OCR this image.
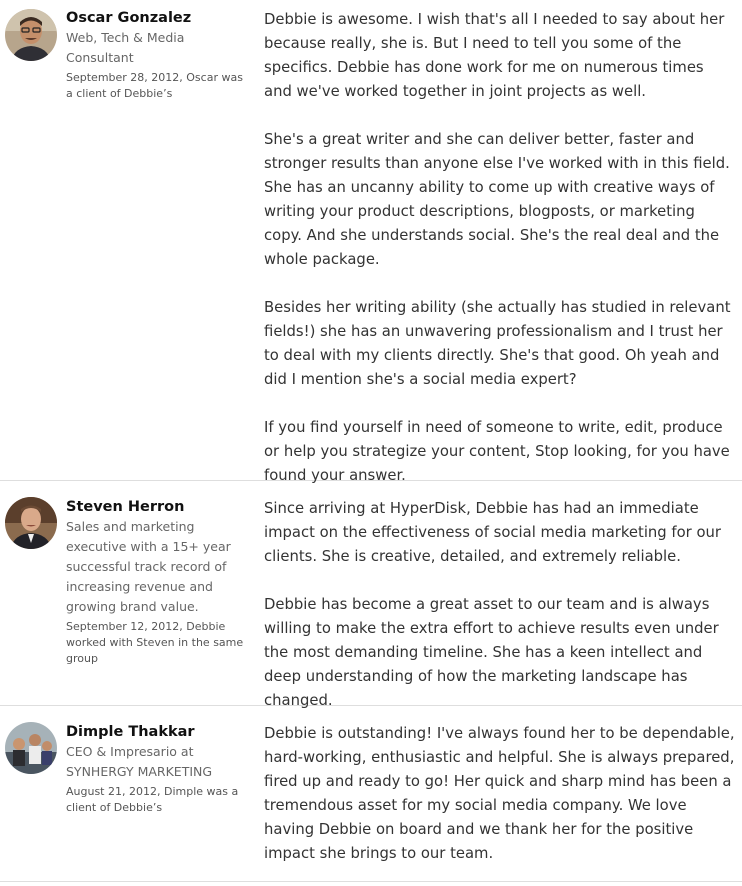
Oscar Gonzalez

Web, Tech & Media Consultant

September 28, 2012, Oscar was a client of Debbie’s

Debbie is awesome. I wish that's all I needed to say about her because really, she is. But I need to tell you some of the specifics. Debbie has done work for me on numerous times and we've worked together in joint projects as well.

She's a great writer and she can deliver better, faster and stronger results than anyone else I've worked with in this field. She has an uncanny ability to come up with creative ways of writing your product descriptions, blogposts, or marketing copy. And she understands social. She's the real deal and the whole package.

Besides her writing ability (she actually has studied in relevant fields!) she has an unwavering professionalism and I trust her to deal with my clients directly. She's that good. Oh yeah and did I mention she's a social media expert?

If you find yourself in need of someone to write, edit, produce or help you strategize your content, Stop looking, for you have found your answer.

Steven Herron

Sales and marketing executive with a 15+ year successful track record of increasing revenue and growing brand value.

September 12, 2012, Debbie worked with Steven in the same group

Since arriving at HyperDisk, Debbie has had an immediate impact on the effectiveness of social media marketing for our clients. She is creative, detailed, and extremely reliable.

Debbie has become a great asset to our team and is always willing to make the extra effort to achieve results even under the most demanding timeline. She has a keen intellect and deep understanding of how the marketing landscape has changed.

Dimple Thakkar

CEO & Impresario at SYNHERGY MARKETING

August 21, 2012, Dimple was a client of Debbie’s

Debbie is outstanding! I've always found her to be dependable, hard-working, enthusiastic and helpful. She is always prepared, fired up and ready to go! Her quick and sharp mind has been a tremendous asset for my social media company. We love having Debbie on board and we thank her for the positive impact she brings to our team.
